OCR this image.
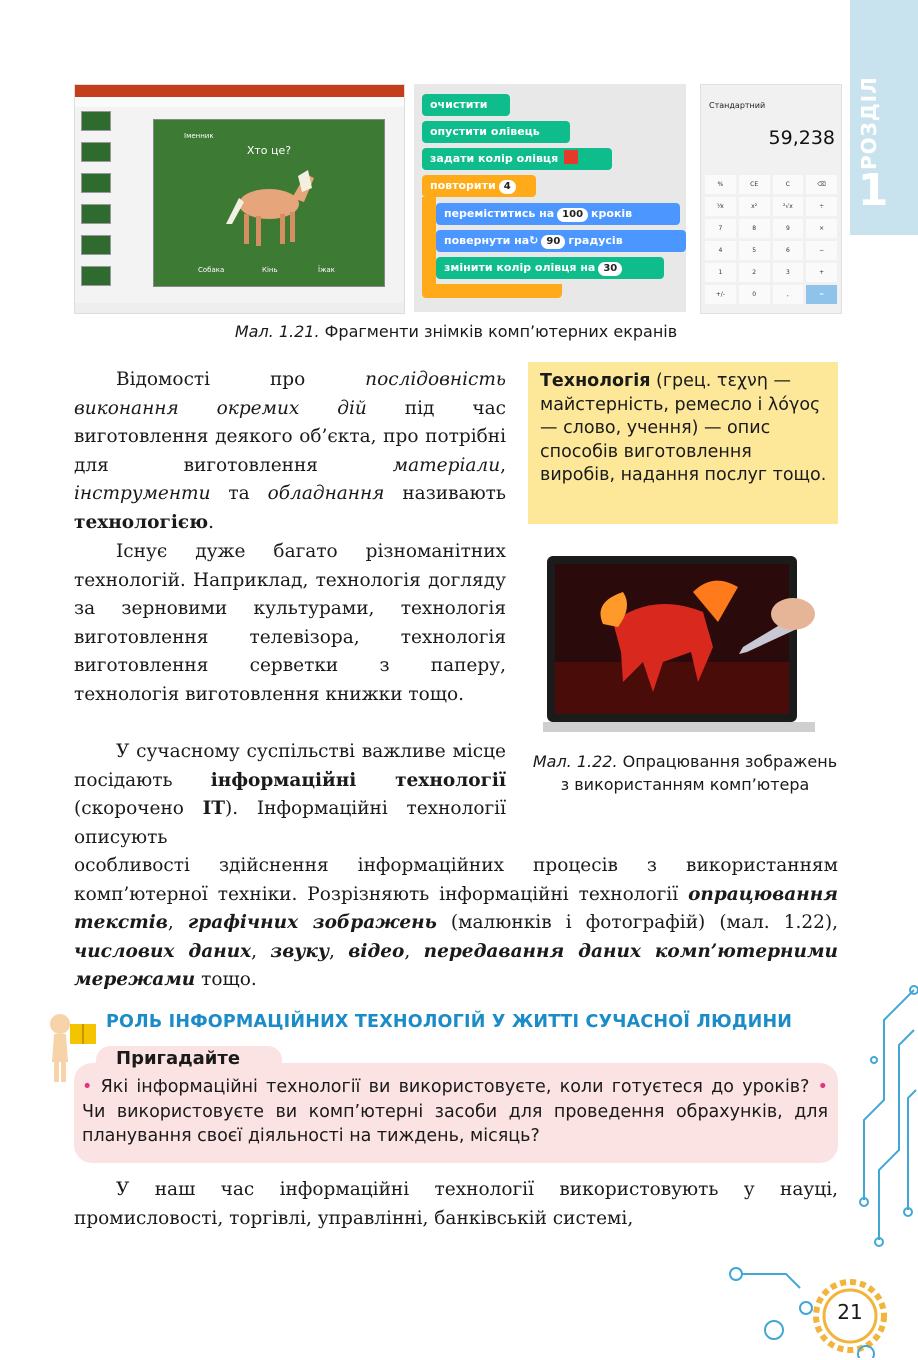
РОЗДІЛ
1
Іменник
Хто це?
Собака	Кінь	Їжак
очистити
опустити олівець
задати колір олівця
повторити 4
переміститись на 100 кроків
повернути на↻ 90 градусів
змінити колір олівця на 30
Стандартний
59,238
%	CE	C	⌫
⅟x	x²	²√x	÷
7	8	9	×
4	5	6	−
1	2	3	+
+/-	0	,	=
Мал. 1.21. Фрагменти знімків комп’ютерних екранів
Відомості про послідовність виконання окремих дій під час виготовлення деякого об’єкта, про потрібні для виготовлення матеріали, інструменти та обладнання називають технологією.
Технологія (грец. τεχνη — майстерність, ремесло і λόγος — слово, учення) — опис способів виготовлення виробів, надання послуг тощо.
Існує дуже багато різноманітних технологій. Наприклад, технологія догляду за зерновими культурами, технологія виготовлення телевізора, технологія виготовлення серветки з паперу, технологія виготовлення книжки тощо.
У сучасному суспільстві важливе місце посідають інформаційні технології (скорочено ІТ). Інформаційні технології описують
Мал. 1.22. Опрацювання зображень з використанням комп’ютера
особливості здійснення інформаційних процесів з використанням комп’ютерної техніки. Розрізняють інформаційні технології опрацювання текстів, графічних зображень (малюнків і фотографій) (мал. 1.22), числових даних, звуку, відео, передавання даних комп’ютерними мережами тощо.
РОЛЬ ІНФОРМАЦІЙНИХ ТЕХНОЛОГІЙ У ЖИТТІ СУЧАСНОЇ ЛЮДИНИ
Пригадайте
• Які інформаційні технології ви використовуєте, коли готуєтеся до уроків? • Чи використовуєте ви комп’ютерні засоби для проведення обрахунків, для планування своєї діяльності на тиждень, місяць?
У наш час інформаційні технології використовують у науці, промисловості, торгівлі, управлінні, банківській системі,
21
